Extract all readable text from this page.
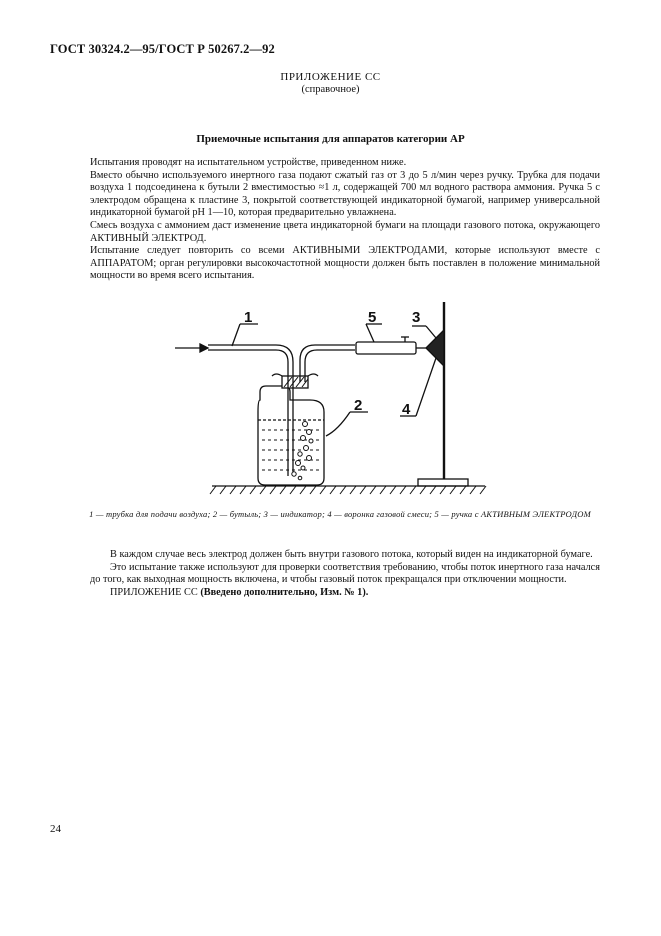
ГОСТ 30324.2—95/ГОСТ Р 50267.2—92
ПРИЛОЖЕНИЕ СС
(справочное)
Приемочные испытания для аппаратов категории АР

Испытания проводят на испытательном устройстве, приведенном ниже.

Вместо обычно используемого инертного газа подают сжатый газ от 3 до 5 л/мин через ручку. Трубка для подачи воздуха 1 подсоединена к бутыли 2 вместимостью ≈1 л, содержащей 700 мл водного раствора аммония. Ручка 5 с электродом обращена к пластине 3, покрытой соответствующей индикаторной бумагой, например универсальной индикаторной бумагой рН 1—10, которая предварительно увлажнена.

Смесь воздуха с аммонием даст изменение цвета индикаторной бумаги на площади газового потока, окружающего АКТИВНЫЙ ЭЛЕКТРОД.

Испытание следует повторить со всеми АКТИВНЫМИ ЭЛЕКТРОДАМИ, которые используют вместе с АППАРАТОМ; орган регулировки высокочастотной мощности должен быть поставлен в положение минимальной мощности во время всего испытания.

1
2
3
4
5
1 — трубка для подачи воздуха; 2 — бутыль; 3 — индикатор; 4 — воронка газовой смеси; 5 — ручка с АКТИВНЫМ ЭЛЕКТРОДОМ

В каждом случае весь электрод должен быть внутри газового потока, который виден на индикаторной бумаге.

Это испытание также используют для проверки соответствия требованию, чтобы поток инертного газа начался до того, как выходная мощность включена, и чтобы газовый поток прекращался при отключении мощности.

ПРИЛОЖЕНИЕ СС (Введено дополнительно, Изм. № 1).

24
